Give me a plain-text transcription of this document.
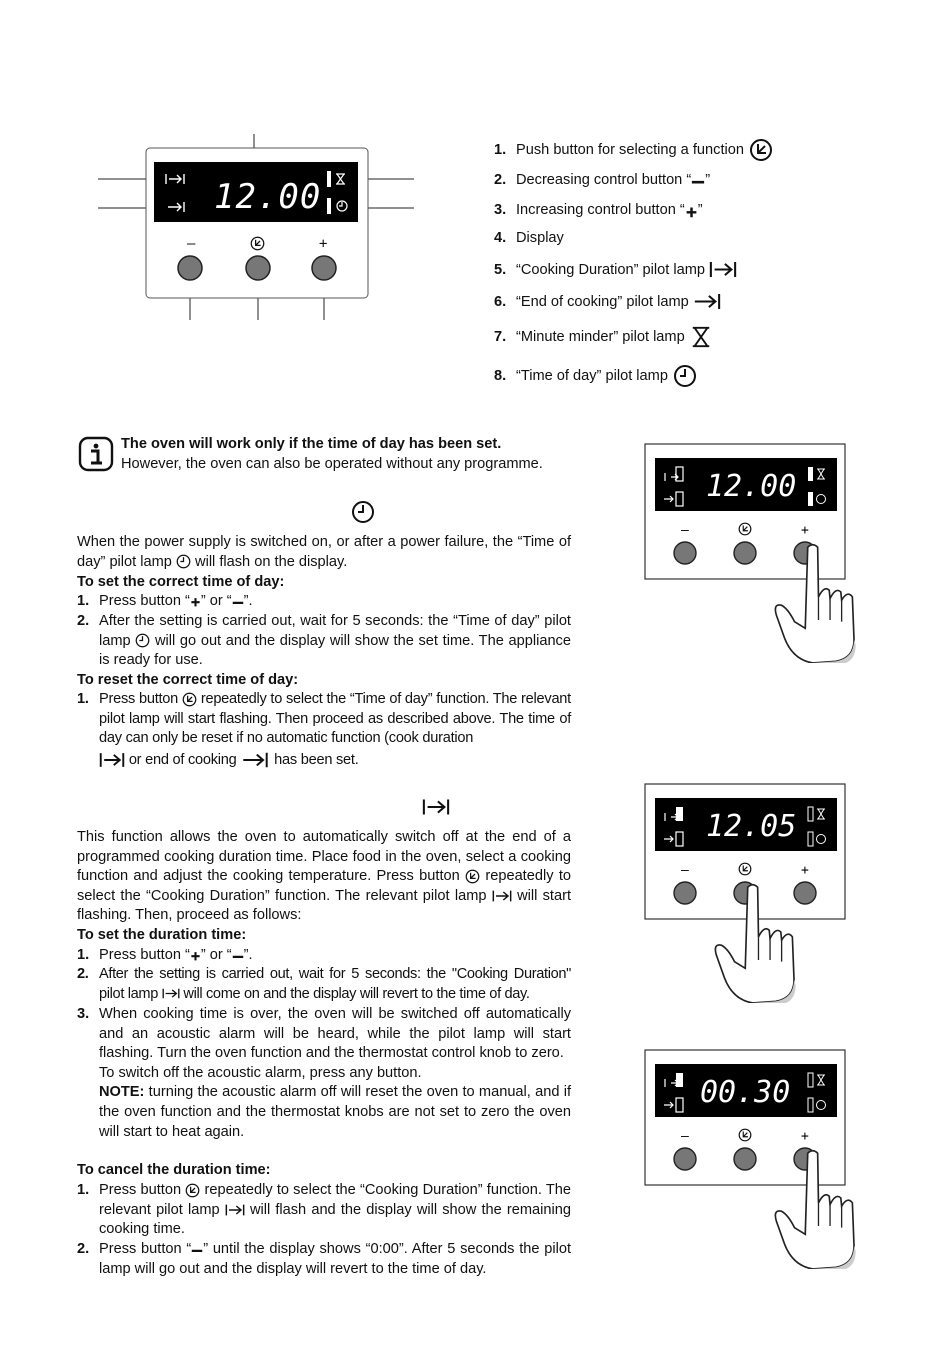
12.00
–	+
1. Push button for selecting a function
2. Decreasing control button “ ”
3. Increasing control button “ ”
4. Display
5. “Cooking Duration” pilot lamp
6. “End of cooking” pilot lamp
7. “Minute minder” pilot lamp
8. “Time of day” pilot lamp
The oven will work only if the time of day has been set.
However, the oven can also be operated without any programme.
When the power supply is switched on, or after a power failure, the “Time of day” pilot lamp will flash on the display.
To set the correct time of day:
1. Press button “ ” or “ ”.
2. After the setting is carried out, wait for 5 seconds: the “Time of day” pilot lamp will go out and the display will show the set time. The appliance is ready for use.
To reset the correct time of day:
1. Press button repeatedly to select the “Time of day” function. The relevant pilot lamp will start flashing. Then proceed as described above. The time of day can only be reset if no automatic function (cook duration
or end of cooking	has been set.
This function allows the oven to automatically switch off at the end of a programmed cooking duration time. Place food in the oven, select a cooking function and adjust the cooking temperature. Press button repeatedly to select the “Cooking Duration” function. The relevant pilot lamp will start flashing. Then, proceed as follows:
To set the duration time:
1. Press button “ ” or “ ”.
2. After the setting is carried out, wait for 5 seconds: the "Cooking Duration" pilot lamp will come on and the display will revert to the time of day.
3. When cooking time is over, the oven will be switched off automatically and an acoustic alarm will be heard, while the pilot lamp will start flashing. Turn the oven function and the thermostat control knob to zero.
To switch off the acoustic alarm, press any button.
NOTE: turning the acoustic alarm off will reset the oven to manual, and if the oven function and the thermostat knobs are not set to zero the oven will start to heat again.
To cancel the duration time:
1. Press button repeatedly to select the “Cooking Duration” function. The relevant pilot lamp will flash and the display will show the remaining cooking time.
2. Press button “ ” until the display shows “0:00”. After 5 seconds the pilot lamp will go out and the display will revert to the time of day.
12.00
–	+
12.05
–	+
00.30
–	+
